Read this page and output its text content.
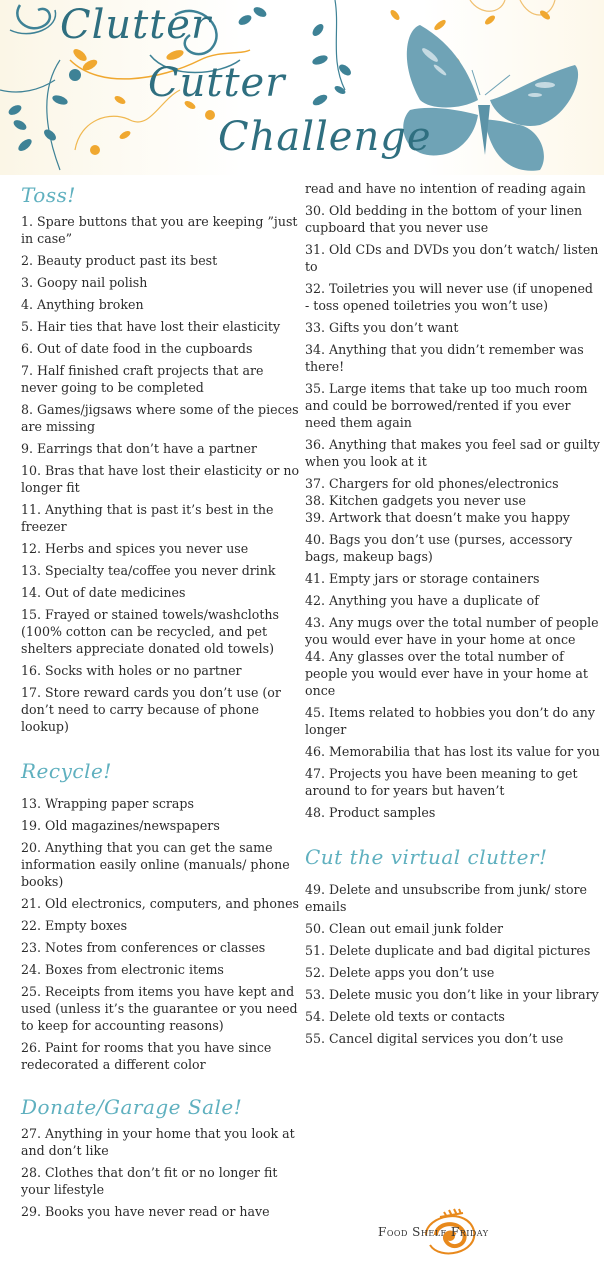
Clutter
Cutter
Challenge
Toss!
1. Spare buttons that you are keeping ”just in case”
2. Beauty product past its best
3. Goopy nail polish
4. Anything broken
5. Hair ties that have lost their elasticity
6. Out of date food in the cupboards
7. Half finished craft projects that are never going to be completed
8. Games/jigsaws where some of the pieces are missing
9. Earrings that don’t have a partner
10. Bras that have lost their elasticity or no longer fit
11. Anything that is past it’s best in the freezer
12. Herbs and spices you never use
13. Specialty tea/coffee you never drink
14. Out of date medicines
15. Frayed or stained towels/washcloths (100% cotton can be recycled, and pet shelters appreciate donated old towels)
16. Socks with holes or no partner
17. Store reward cards you don’t use (or don’t need to carry because of phone lookup)
Recycle!
13. Wrapping paper scraps
19. Old magazines/newspapers
20. Anything that you can get the same information easily online (manuals/ phone books)
21. Old electronics, computers, and phones
22. Empty boxes
23. Notes from conferences or classes
24. Boxes from electronic items
25. Receipts from items you have kept and used (unless it’s the guarantee or you need to keep for accounting reasons)
26. Paint for rooms that you have since redecorated a different color
Donate/Garage Sale!
27. Anything in your home that you look at and don’t like
28. Clothes that don’t fit or no longer fit your lifestyle
29. Books you have never read or have
read and have no intention of reading again
30. Old bedding in the bottom of your linen cupboard that you never use
31. Old CDs and DVDs you don’t watch/ listen to
32. Toiletries you will never use (if unopened - toss opened toiletries you won’t use)
33. Gifts you don’t want
34. Anything that you didn’t remember was there!
35. Large items that take up too much room and could be borrowed/rented if you ever need them again
36. Anything that makes you feel sad or guilty when you look at it
37. Chargers for old phones/electronics
38. Kitchen gadgets you never use
39. Artwork that doesn’t make you happy
40. Bags you don’t use (purses, accessory bags, makeup bags)
41. Empty jars or storage containers
42. Anything you have a duplicate of
43. Any mugs over the total number of people you would ever have in your home at once
44. Any glasses over the total number of people you would ever have in your home at once
45. Items related to hobbies you don’t do any longer
46. Memorabilia that has lost its value for you
47. Projects you have been meaning to get around to for years but haven’t
48. Product samples
Cut the virtual clutter!
49. Delete and unsubscribe from junk/ store emails
50. Clean out email junk folder
51. Delete duplicate and bad digital pictures
52. Delete apps you don’t use
53. Delete music you don’t like in your library
54. Delete old texts or contacts
55. Cancel digital services you don’t use
Food Shelf Friday
